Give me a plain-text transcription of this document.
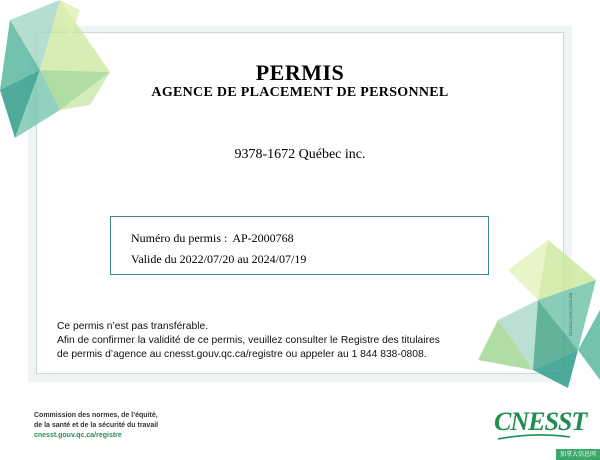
PERMIS
AGENCE DE PLACEMENT DE PERSONNEL
9378-1672 Québec inc.
Numéro du permis : AP-2000768
Valide du 2022/07/20 au 2024/07/19
Ce permis n’est pas transférable.
Afin de confirmer la validité de ce permis, veuillez consulter le Registre des titulaires
de permis d’agence au cnesst.gouv.qc.ca/registre ou appeler au 1 844 838-0808.
DC1000-1296 (2022-03)
Commission des normes, de l’équité,
de la santé et de la sécurité du travail
cnesst.gouv.qc.ca/registre	CNESST
加拿大信息网
